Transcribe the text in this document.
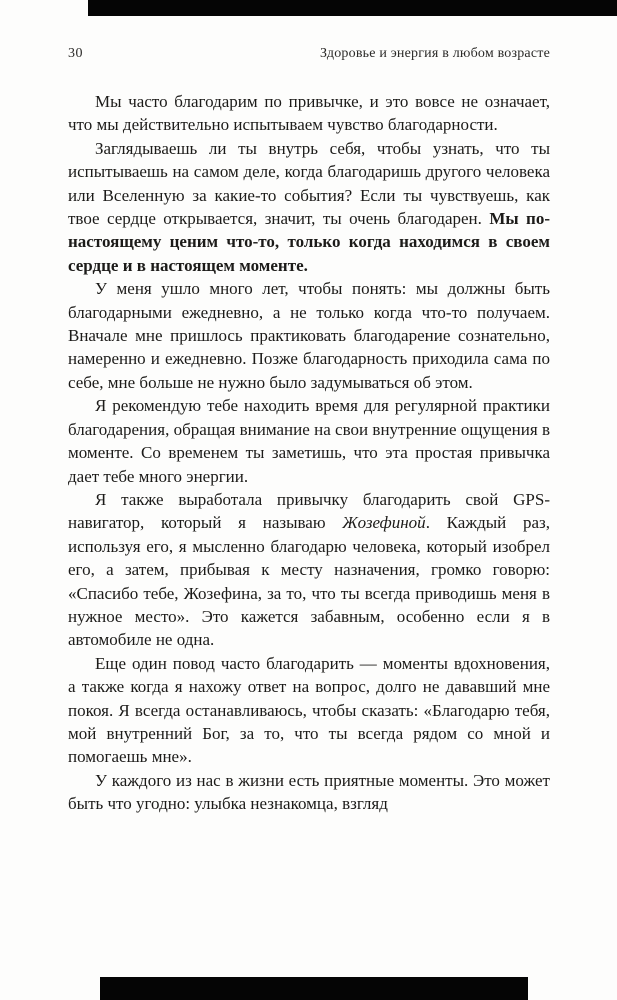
30	Здоровье и энергия в любом возрасте

Мы часто благодарим по привычке, и это вовсе не означает, что мы действительно испытываем чувство благодарности.

Заглядываешь ли ты внутрь себя, чтобы узнать, что ты испытываешь на самом деле, когда благодаришь другого человека или Вселенную за какие-то события? Если ты чувствуешь, как твое сердце открывается, значит, ты очень благодарен. Мы по-настоящему ценим что-то, только когда находимся в своем сердце и в настоящем моменте.

У меня ушло много лет, чтобы понять: мы должны быть благодарными ежедневно, а не только когда что-то получаем. Вначале мне пришлось практиковать благодарение сознательно, намеренно и ежедневно. Позже благодарность приходила сама по себе, мне больше не нужно было задумываться об этом.

Я рекомендую тебе находить время для регулярной практики благодарения, обращая внимание на свои внутренние ощущения в моменте. Со временем ты заметишь, что эта простая привычка дает тебе много энергии.

Я также выработала привычку благодарить свой GPS-навигатор, который я называю Жозефиной. Каждый раз, используя его, я мысленно благодарю человека, который изобрел его, а затем, прибывая к месту назначения, громко говорю: «Спасибо тебе, Жозефина, за то, что ты всегда приводишь меня в нужное место». Это кажется забавным, особенно если я в автомобиле не одна.

Еще один повод часто благодарить — моменты вдохновения, а также когда я нахожу ответ на вопрос, долго не дававший мне покоя. Я всегда останавливаюсь, чтобы сказать: «Благодарю тебя, мой внутренний Бог, за то, что ты всегда рядом со мной и помогаешь мне».

У каждого из нас в жизни есть приятные моменты. Это может быть что угодно: улыбка незнакомца, взгляд
